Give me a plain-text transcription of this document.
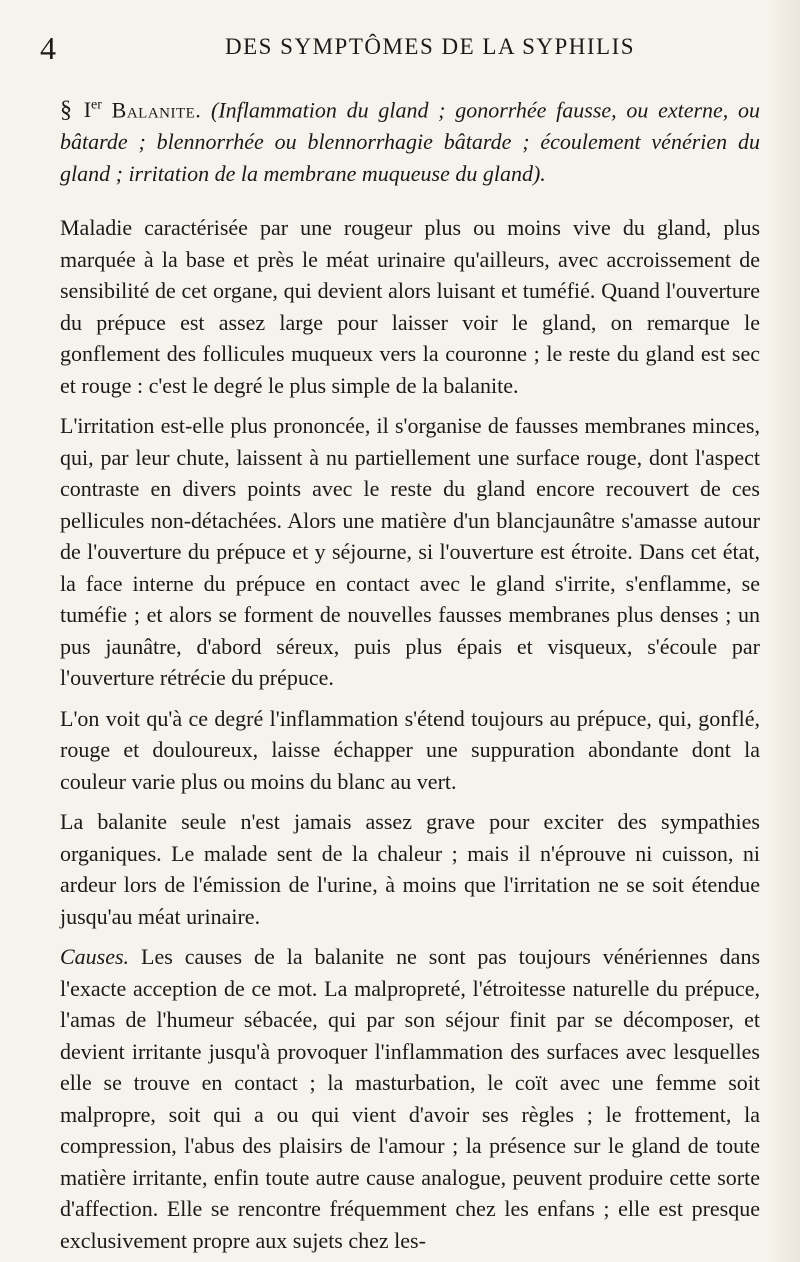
4	DES SYMPTÔMES DE LA SYPHILIS

§ Ier Balanite. (Inflammation du gland ; gonorrhée fausse, ou externe, ou bâtarde ; blennorrhée ou blennorrhagie bâtarde ; écoulement vénérien du gland ; irritation de la membrane muqueuse du gland).

Maladie caractérisée par une rougeur plus ou moins vive du gland, plus marquée à la base et près le méat urinaire qu'ailleurs, avec accroissement de sensibilité de cet organe, qui devient alors luisant et tuméfié. Quand l'ouverture du prépuce est assez large pour laisser voir le gland, on remarque le gonflement des follicules muqueux vers la couronne ; le reste du gland est sec et rouge : c'est le degré le plus simple de la balanite.

L'irritation est-elle plus prononcée, il s'organise de fausses membranes minces, qui, par leur chute, laissent à nu partiellement une surface rouge, dont l'aspect contraste en divers points avec le reste du gland encore recouvert de ces pellicules non-détachées. Alors une matière d'un blancjaunâtre s'amasse autour de l'ouverture du prépuce et y séjourne, si l'ouverture est étroite. Dans cet état, la face interne du prépuce en contact avec le gland s'irrite, s'enflamme, se tuméfie ; et alors se forment de nouvelles fausses membranes plus denses ; un pus jaunâtre, d'abord séreux, puis plus épais et visqueux, s'écoule par l'ouverture rétrécie du prépuce.

L'on voit qu'à ce degré l'inflammation s'étend toujours au prépuce, qui, gonflé, rouge et douloureux, laisse échapper une suppuration abondante dont la couleur varie plus ou moins du blanc au vert.

La balanite seule n'est jamais assez grave pour exciter des sympathies organiques. Le malade sent de la chaleur ; mais il n'éprouve ni cuisson, ni ardeur lors de l'émission de l'urine, à moins que l'irritation ne se soit étendue jusqu'au méat urinaire.

Causes. Les causes de la balanite ne sont pas toujours vénériennes dans l'exacte acception de ce mot. La malpropreté, l'étroitesse naturelle du prépuce, l'amas de l'humeur sébacée, qui par son séjour finit par se décomposer, et devient irritante jusqu'à provoquer l'inflammation des surfaces avec lesquelles elle se trouve en contact ; la masturbation, le coït avec une femme soit malpropre, soit qui a ou qui vient d'avoir ses règles ; le frottement, la compression, l'abus des plaisirs de l'amour ; la présence sur le gland de toute matière irritante, enfin toute autre cause analogue, peuvent produire cette sorte d'affection. Elle se rencontre fréquemment chez les enfans ; elle est presque exclusivement propre aux sujets chez les-
